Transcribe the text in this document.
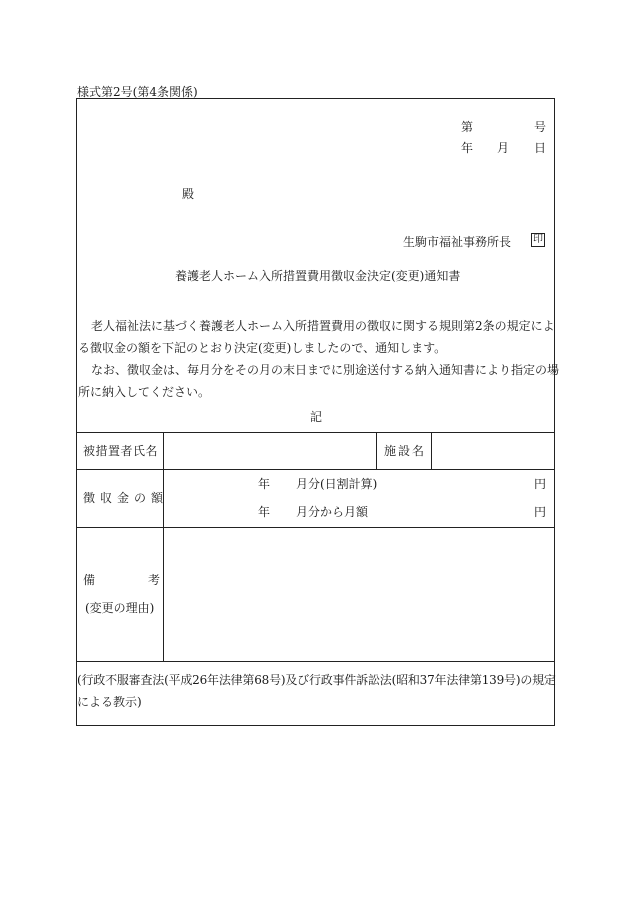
様式第2号(第4条関係)
第	号
年 月 日
殿
生駒市福祉事務所長 印
養護老人ホーム入所措置費用徴収金決定(変更)通知書
老人福祉法に基づく養護老人ホーム入所措置費用の徴収に関する規則第2条の規定によ
る徴収金の額を下記のとおり決定(変更)しましたので、通知します。
なお、徴収金は、毎月分をその月の末日までに別途送付する納入通知書により指定の場
所に納入してください。
記
被措置者氏名	施設名
徴収金の額
年 月分(日割計算)	円
年 月分から月額	円
備	考
(変更の理由)
(行政不服審査法(平成26年法律第68号)及び行政事件訴訟法(昭和37年法律第139号)の規定
による教示)
